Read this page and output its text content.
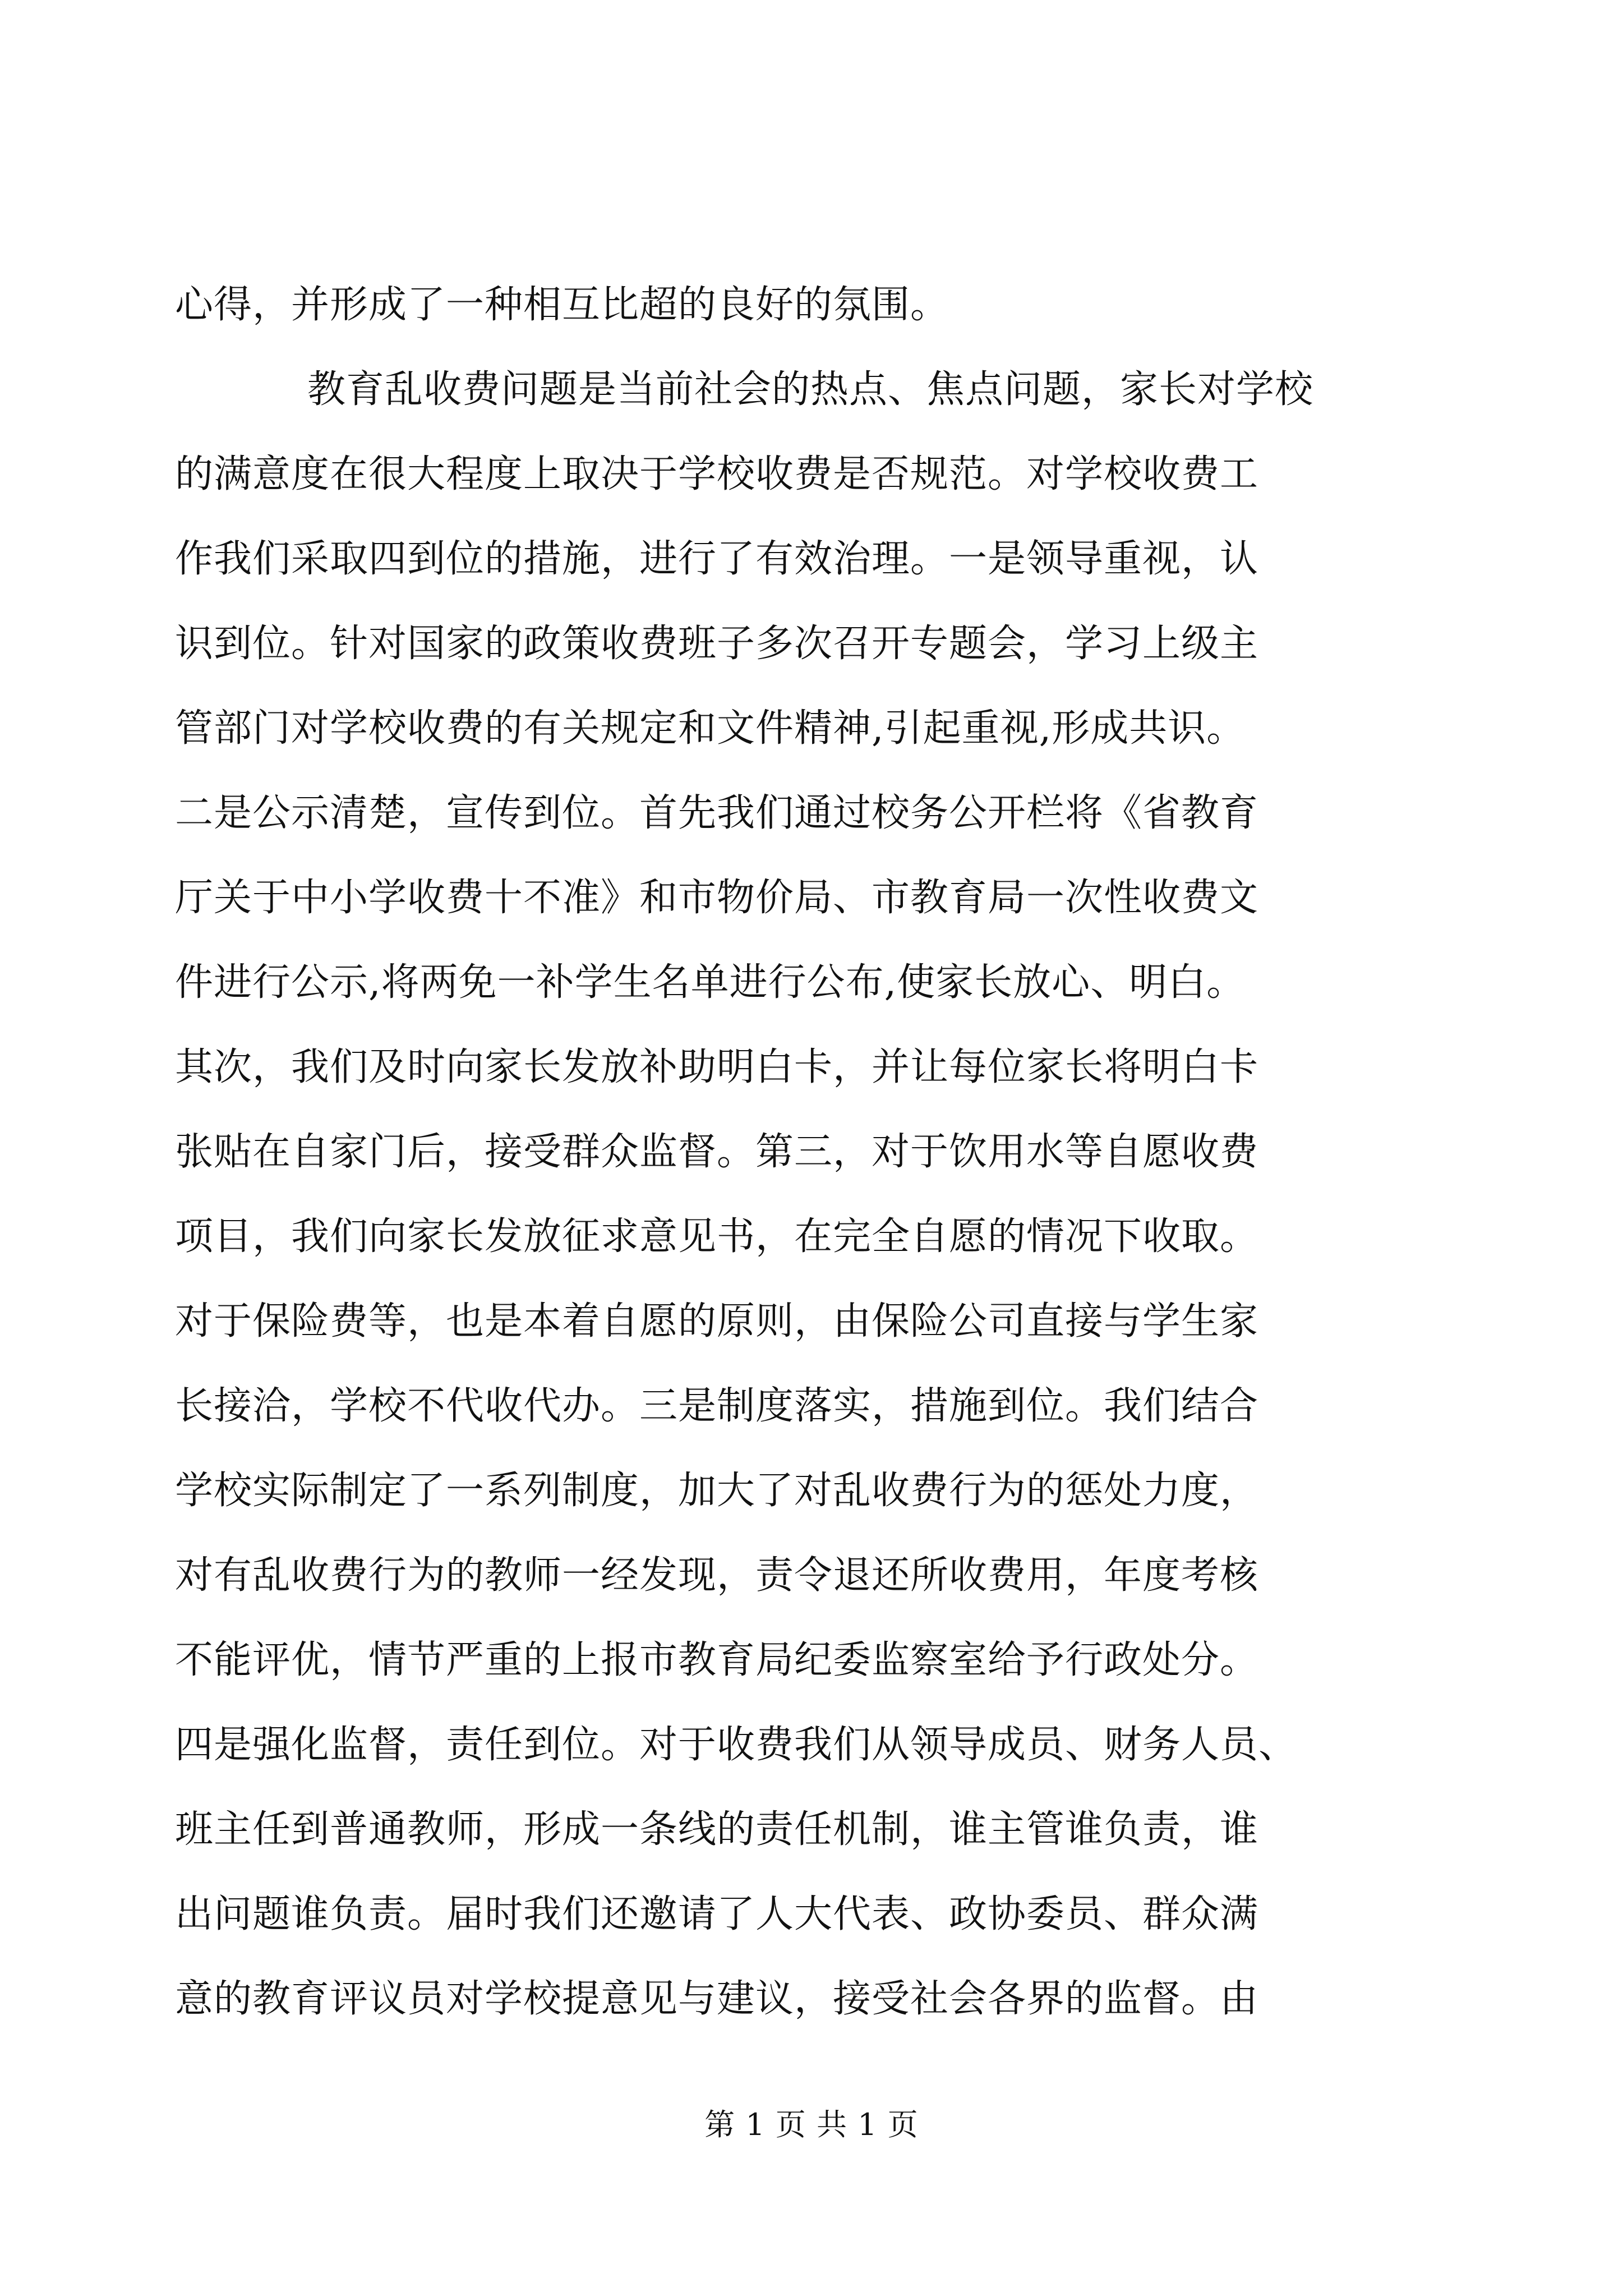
心得，并形成了一种相互比超的良好的氛围。
教育乱收费问题是当前社会的热点、焦点问题，家长对学校
的满意度在很大程度上取决于学校收费是否规范。对学校收费工
作我们采取四到位的措施，进行了有效治理。一是领导重视，认
识到位。针对国家的政策收费班子多次召开专题会，学习上级主
管部门对学校收费的有关规定和文件精神,引起重视,形成共识。
二是公示清楚，宣传到位。首先我们通过校务公开栏将《省教育
厅关于中小学收费十不准》和市物价局、市教育局一次性收费文
件进行公示,将两免一补学生名单进行公布,使家长放心、明白。
其次，我们及时向家长发放补助明白卡，并让每位家长将明白卡
张贴在自家门后，接受群众监督。第三，对于饮用水等自愿收费
项目，我们向家长发放征求意见书，在完全自愿的情况下收取。
对于保险费等，也是本着自愿的原则，由保险公司直接与学生家
长接洽，学校不代收代办。三是制度落实，措施到位。我们结合
学校实际制定了一系列制度，加大了对乱收费行为的惩处力度，
对有乱收费行为的教师一经发现，责令退还所收费用，年度考核
不能评优，情节严重的上报市教育局纪委监察室给予行政处分。
四是强化监督，责任到位。对于收费我们从领导成员、财务人员、
班主任到普通教师，形成一条线的责任机制，谁主管谁负责，谁
出问题谁负责。届时我们还邀请了人大代表、政协委员、群众满
意的教育评议员对学校提意见与建议，接受社会各界的监督。由
第 1 页 共 1 页
